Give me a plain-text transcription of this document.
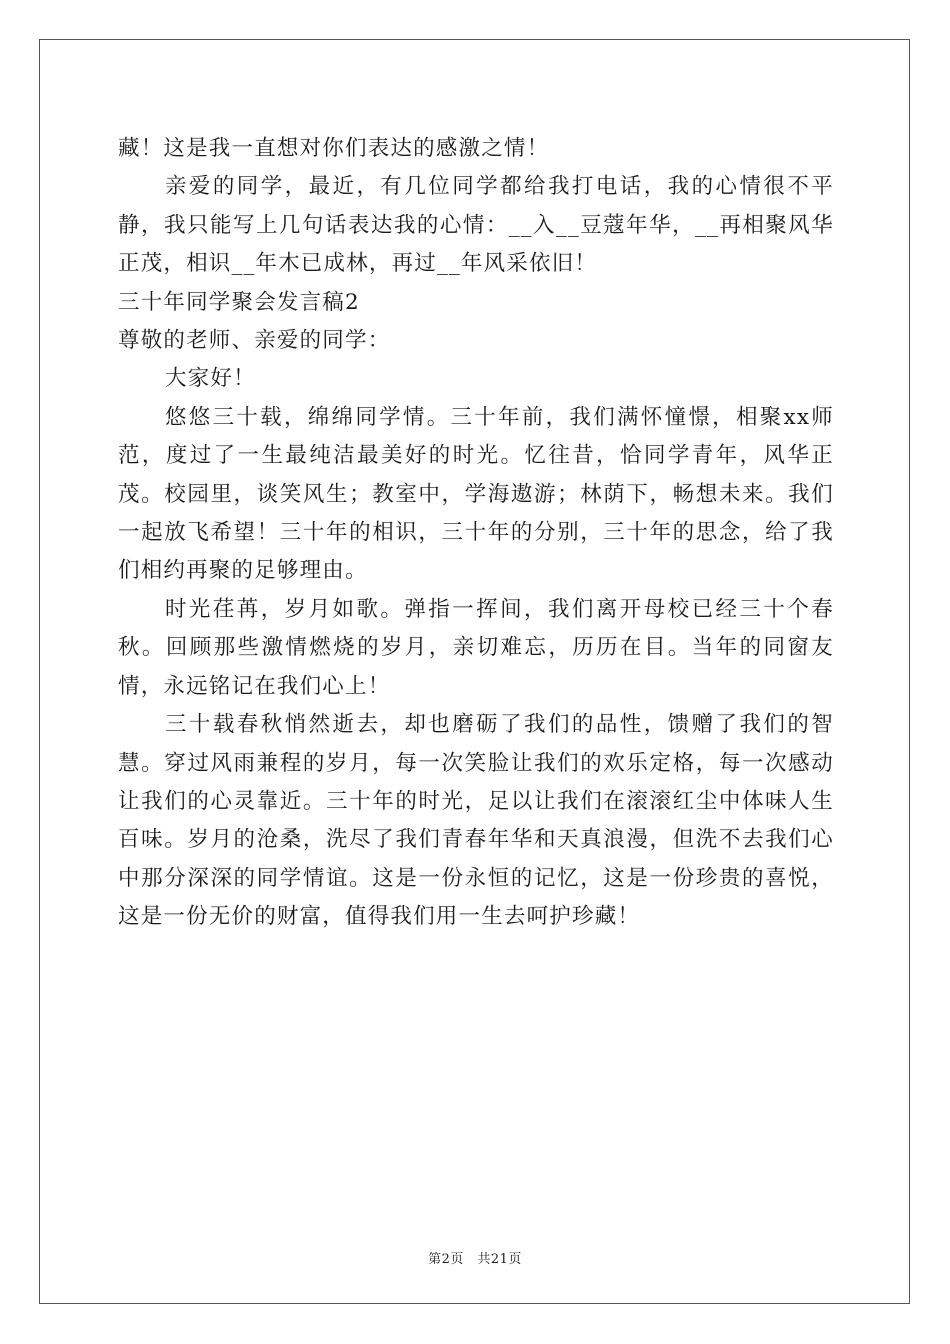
藏！这是我一直想对你们表达的感激之情！

亲爱的同学，最近，有几位同学都给我打电话，我的心情很不平静，我只能写上几句话表达我的心情：__入__豆蔻年华，__再相聚风华正茂，相识__年木已成林，再过__年风采依旧！

三十年同学聚会发言稿2

尊敬的老师、亲爱的同学：

大家好！

悠悠三十载，绵绵同学情。三十年前，我们满怀憧憬，相聚xx师范，度过了一生最纯洁最美好的时光。忆往昔，恰同学青年，风华正茂。校园里，谈笑风生；教室中，学海遨游；林荫下，畅想未来。我们一起放飞希望！三十年的相识，三十年的分别，三十年的思念，给了我们相约再聚的足够理由。

时光荏苒，岁月如歌。弹指一挥间，我们离开母校已经三十个春秋。回顾那些激情燃烧的岁月，亲切难忘，历历在目。当年的同窗友情，永远铭记在我们心上！

三十载春秋悄然逝去，却也磨砺了我们的品性，馈赠了我们的智慧。穿过风雨兼程的岁月，每一次笑脸让我们的欢乐定格，每一次感动让我们的心灵靠近。三十年的时光，足以让我们在滚滚红尘中体味人生百味。岁月的沧桑，洗尽了我们青春年华和天真浪漫，但洗不去我们心中那分深深的同学情谊。这是一份永恒的记忆，这是一份珍贵的喜悦，这是一份无价的财富，值得我们用一生去呵护珍藏！

第2页　共21页
